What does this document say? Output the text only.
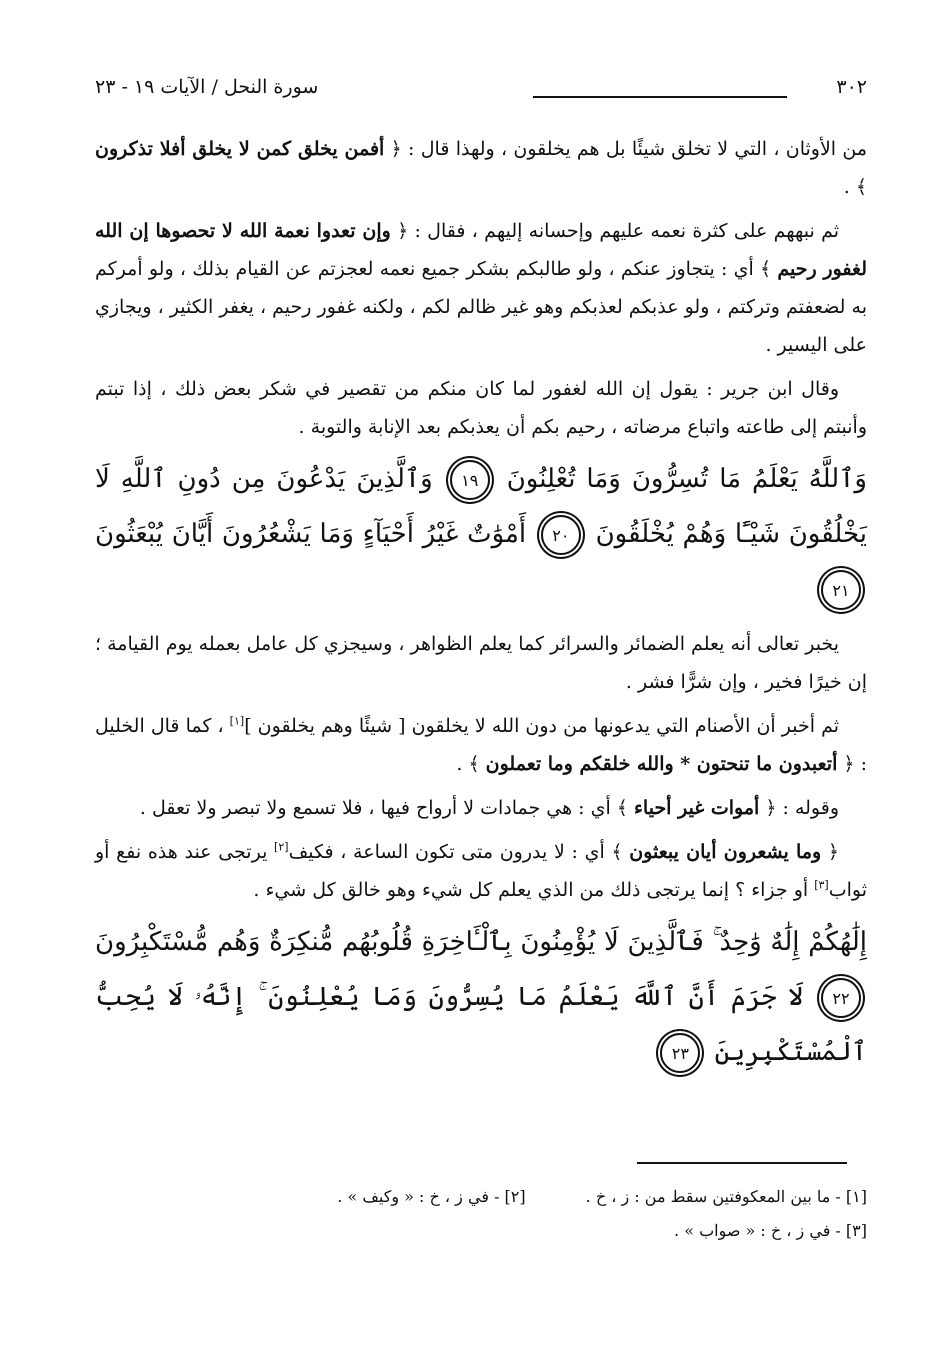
٣٠٢
سورة النحل / الآيات ١٩ - ٢٣

من الأوثان ، التي لا تخلق شيئًا بل هم يخلقون ، ولهذا قال : ﴿ أفمن يخلق كمن لا يخلق أفلا تذكرون ﴾ .

ثم نبههم على كثرة نعمه عليهم وإحسانه إليهم ، فقال : ﴿ وإن تعدوا نعمة الله لا تحصوها إن الله لغفور رحيم ﴾ أي : يتجاوز عنكم ، ولو طالبكم بشكر جميع نعمه لعجزتم عن القيام بذلك ، ولو أمركم به لضعفتم وتركتم ، ولو عذبكم لعذبكم وهو غير ظالم لكم ، ولكنه غفور رحيم ، يغفر الكثير ، ويجازي على اليسير .

وقال ابن جرير : يقول إن الله لغفور لما كان منكم من تقصير في شكر بعض ذلك ، إذا تبتم وأنبتم إلى طاعته واتباع مرضاته ، رحيم بكم أن يعذبكم بعد الإنابة والتوبة .

وَٱللَّهُ يَعْلَمُ مَا تُسِرُّونَ وَمَا تُعْلِنُونَ ١٩ وَٱلَّذِينَ يَدْعُونَ مِن دُونِ ٱللَّهِ لَا يَخْلُقُونَ شَيْـًٔا وَهُمْ يُخْلَقُونَ ٢٠ أَمْوَٰتٌ غَيْرُ أَحْيَآءٍ وَمَا يَشْعُرُونَ أَيَّانَ يُبْعَثُونَ ٢١

يخبر تعالى أنه يعلم الضمائر والسرائر كما يعلم الظواهر ، وسيجزي كل عامل بعمله يوم القيامة ؛ إن خيرًا فخير ، وإن شرًّا فشر .

ثم أخبر أن الأصنام التي يدعونها من دون الله لا يخلقون [ شيئًا وهم يخلقون ][١] ، كما قال الخليل : ﴿ أتعبدون ما تنحتون * والله خلقكم وما تعملون ﴾ .

وقوله : ﴿ أموات غير أحياء ﴾ أي : هي جمادات لا أرواح فيها ، فلا تسمع ولا تبصر ولا تعقل .

﴿ وما يشعرون أيان يبعثون ﴾ أي : لا يدرون متى تكون الساعة ، فكيف[٢] يرتجى عند هذه نفع أو ثواب[٣] أو جزاء ؟ إنما يرتجى ذلك من الذي يعلم كل شيء وهو خالق كل شيء .

إِلَٰهُكُمْ إِلَٰهٌ وَٰحِدٌ ۚ فَٱلَّذِينَ لَا يُؤْمِنُونَ بِٱلْـَٔاخِرَةِ قُلُوبُهُم مُّنكِرَةٌ وَهُم مُّسْتَكْبِرُونَ ٢٢ لَا جَرَمَ أَنَّ ٱللَّهَ يَعْلَمُ مَا يُسِرُّونَ وَمَا يُعْلِنُونَ ۚ إِنَّهُۥ لَا يُحِبُّ ٱلْمُسْتَكْبِرِينَ ٢٣
[١] - ما بين المعكوفتين سقط من : ز ، خ .
[٢] - في ز ، خ : « وكيف » .
[٣] - في ز ، خ : « صواب » .
